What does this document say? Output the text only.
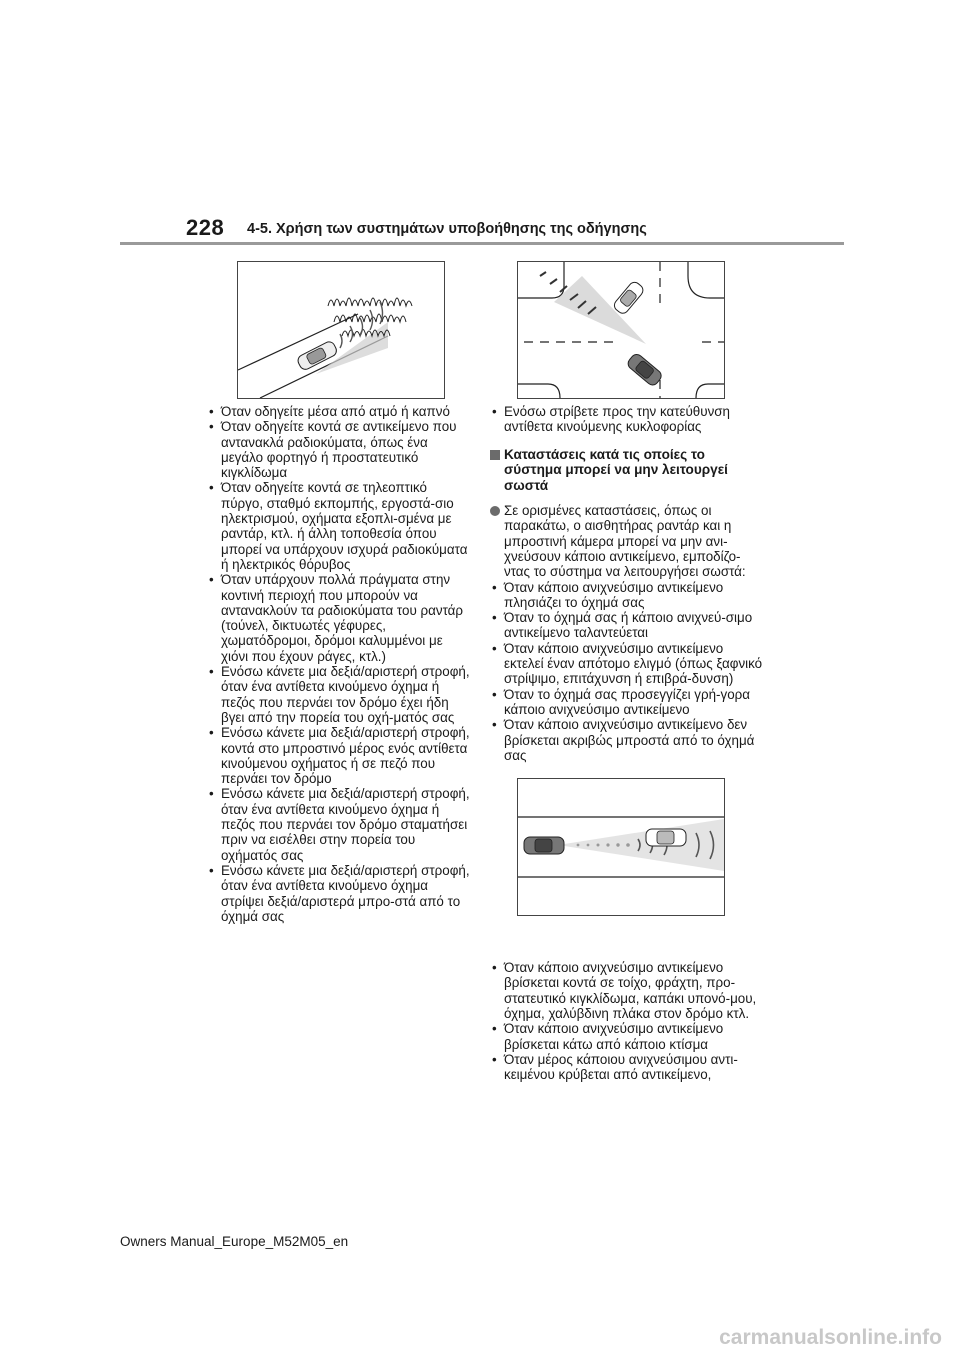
228 4-5. Χρήση των συστημάτων υποβοήθησης της οδήγησης
• Όταν οδηγείτε μέσα από ατμό ή καπνό
• Όταν οδηγείτε κοντά σε αντικείμενο που αντανακλά ραδιοκύματα, όπως ένα μεγάλο φορτηγό ή προστατευτικό κιγκλίδωμα
• Όταν οδηγείτε κοντά σε τηλεοπτικό πύργο, σταθμό εκπομπής, εργοστά-σιο ηλεκτρισμού, οχήματα εξοπλι-σμένα με ραντάρ, κτλ. ή άλλη τοποθεσία όπου μπορεί να υπάρχουν ισχυρά ραδιοκύματα ή ηλεκτρικός θόρυβος
• Όταν υπάρχουν πολλά πράγματα στην κοντινή περιοχή που μπορούν να αντανακλούν τα ραδιοκύματα του ραντάρ (τούνελ, δικτυωτές γέφυρες, χωματόδρομοι, δρόμοι καλυμμένοι με χιόνι που έχουν ράγες, κτλ.)
• Ενόσω κάνετε μια δεξιά/αριστερή στροφή, όταν ένα αντίθετα κινούμενο όχημα ή πεζός που περνάει τον δρόμο έχει ήδη βγει από την πορεία του οχή-ματός σας
• Ενόσω κάνετε μια δεξιά/αριστερή στροφή, κοντά στο μπροστινό μέρος ενός αντίθετα κινούμενου οχήματος ή σε πεζό που περνάει τον δρόμο
• Ενόσω κάνετε μια δεξιά/αριστερή στροφή, όταν ένα αντίθετα κινούμενο όχημα ή πεζός που περνάει τον δρόμο σταματήσει πριν να εισέλθει στην πορεία του οχήματός σας
• Ενόσω κάνετε μια δεξιά/αριστερή στροφή, όταν ένα αντίθετα κινούμενο όχημα στρίψει δεξιά/αριστερά μπρο-στά από το όχημά σας
• Ενόσω στρίβετε προς την κατεύθυνση αντίθετα κινούμενης κυκλοφορίας
Καταστάσεις κατά τις οποίες το σύστημα μπορεί να μην λειτουργεί σωστά
Σε ορισμένες καταστάσεις, όπως οι παρακάτω, ο αισθητήρας ραντάρ και η μπροστινή κάμερα μπορεί να μην ανι-χνεύσουν κάποιο αντικείμενο, εμποδίζο-ντας το σύστημα να λειτουργήσει σωστά:
• Όταν κάποιο ανιχνεύσιμο αντικείμενο πλησιάζει το όχημά σας
• Όταν το όχημά σας ή κάποιο ανιχνεύ-σιμο αντικείμενο ταλαντεύεται
• Όταν κάποιο ανιχνεύσιμο αντικείμενο εκτελεί έναν απότομο ελιγμό (όπως ξαφνικό στρίψιμο, επιτάχυνση ή επιβρά-δυνση)
• Όταν το όχημά σας προσεγγίζει γρή-γορα κάποιο ανιχνεύσιμο αντικείμενο
• Όταν κάποιο ανιχνεύσιμο αντικείμενο δεν βρίσκεται ακριβώς μπροστά από το όχημά σας
• Όταν κάποιο ανιχνεύσιμο αντικείμενο βρίσκεται κοντά σε τοίχο, φράχτη, προ-στατευτικό κιγκλίδωμα, καπάκι υπονό-μου, όχημα, χαλύβδινη πλάκα στον δρόμο κτλ.
• Όταν κάποιο ανιχνεύσιμο αντικείμενο βρίσκεται κάτω από κάποιο κτίσμα
• Όταν μέρος κάποιου ανιχνεύσιμου αντι-κειμένου κρύβεται από αντικείμενο,
Owners Manual_Europe_M52M05_en
carmanualsonline.info
